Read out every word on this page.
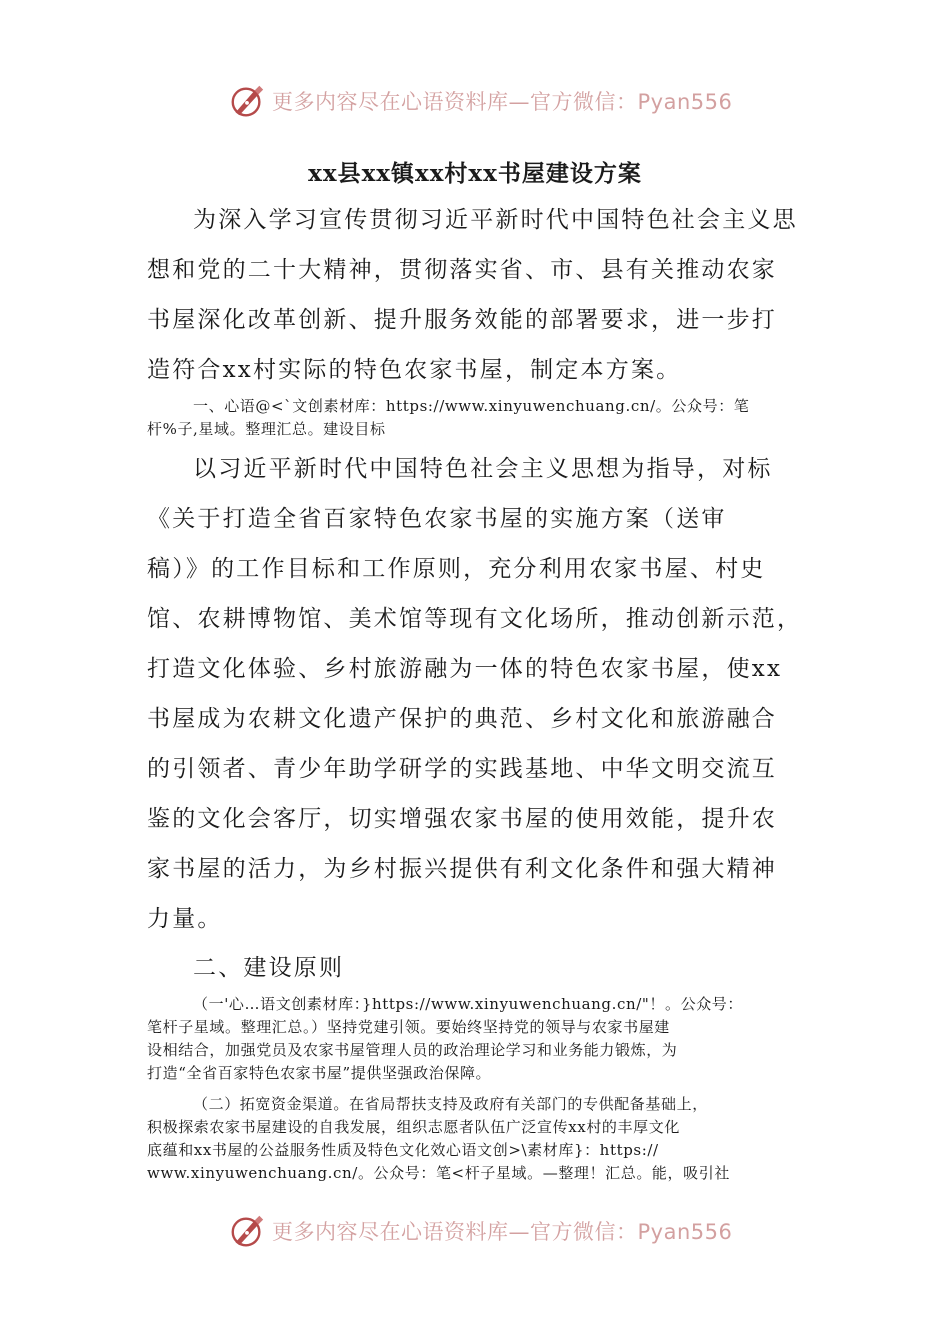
更多内容尽在心语资料库—官方微信：Pyan556
xx县xx镇xx村xx书屋建设方案
为深入学习宣传贯彻习近平新时代中国特色社会主义思
想和党的二十大精神，贯彻落实省、市、县有关推动农家
书屋深化改革创新、提升服务效能的部署要求，进一步打
造符合xx村实际的特色农家书屋，制定本方案。
一、心语@<`文创素材库：https://www.xinyuwenchuang.cn/。公众号：笔
杆%子,星域。整理汇总。建设目标
以习近平新时代中国特色社会主义思想为指导，对标
《关于打造全省百家特色农家书屋的实施方案（送审
稿）》的工作目标和工作原则，充分利用农家书屋、村史
馆、农耕博物馆、美术馆等现有文化场所，推动创新示范，
打造文化体验、乡村旅游融为一体的特色农家书屋，使xx
书屋成为农耕文化遗产保护的典范、乡村文化和旅游融合
的引领者、青少年助学研学的实践基地、中华文明交流互
鉴的文化会客厅，切实增强农家书屋的使用效能，提升农
家书屋的活力，为乡村振兴提供有利文化条件和强大精神
力量。
二、建设原则
（一'心…语文创素材库：}https://www.xinyuwenchuang.cn/"！。公众号：
笔杆子星域。整理汇总。）坚持党建引领。要始终坚持党的领导与农家书屋建
设相结合，加强党员及农家书屋管理人员的政治理论学习和业务能力锻炼，为
打造“全省百家特色农家书屋”提供坚强政治保障。
（二）拓宽资金渠道。在省局帮扶支持及政府有关部门的专供配备基础上，
积极探索农家书屋建设的自我发展，组织志愿者队伍广泛宣传xx村的丰厚文化
底蕴和xx书屋的公益服务性质及特色文化效心语文创>\素材库}：https://
www.xinyuwenchuang.cn/。公众号：笔<杆子星域。—整理！汇总。能，吸引社
更多内容尽在心语资料库—官方微信：Pyan556
